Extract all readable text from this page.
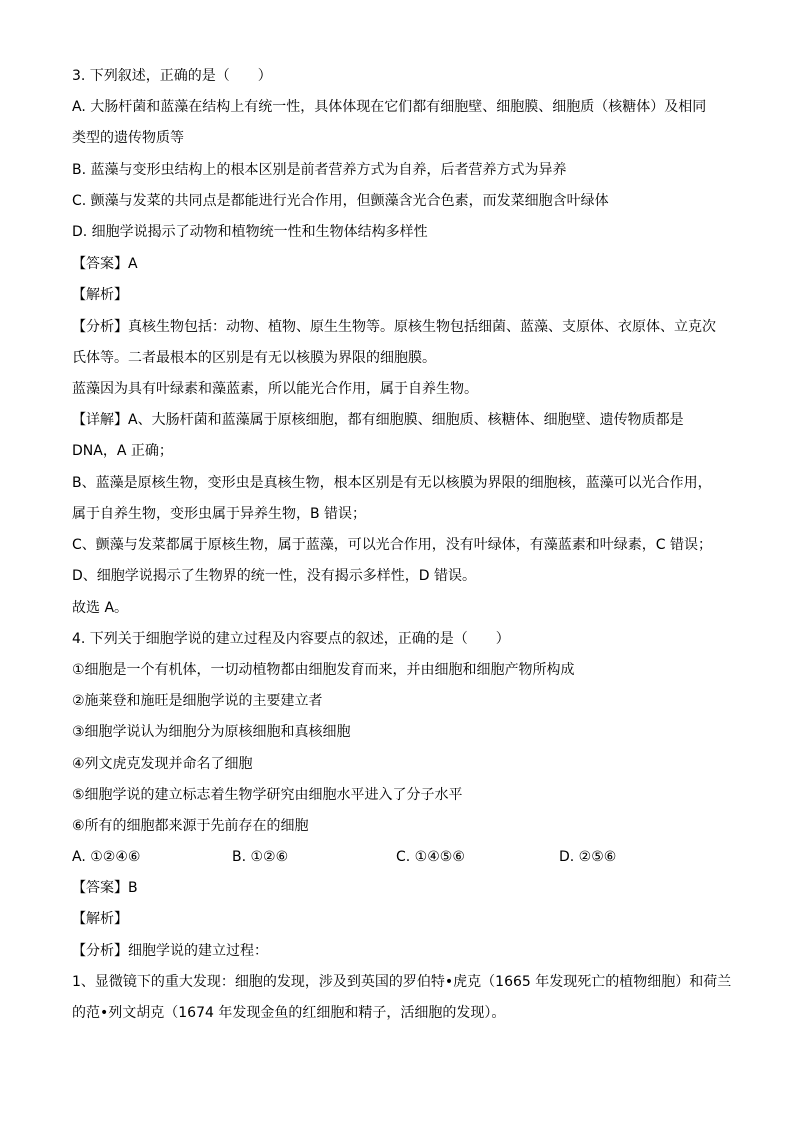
3. 下列叙述，正确的是（　　）
A. 大肠杆菌和蓝藻在结构上有统一性，具体体现在它们都有细胞壁、细胞膜、细胞质（核糖体）及相同
类型的遗传物质等
B. 蓝藻与变形虫结构上的根本区别是前者营养方式为自养，后者营养方式为异养
C. 颤藻与发菜的共同点是都能进行光合作用，但颤藻含光合色素，而发菜细胞含叶绿体
D. 细胞学说揭示了动物和植物统一性和生物体结构多样性
【答案】A
【解析】
【分析】真核生物包括：动物、植物、原生生物等。原核生物包括细菌、蓝藻、支原体、衣原体、立克次
氏体等。二者最根本的区别是有无以核膜为界限的细胞膜。
蓝藻因为具有叶绿素和藻蓝素，所以能光合作用，属于自养生物。
【详解】A、大肠杆菌和蓝藻属于原核细胞，都有细胞膜、细胞质、核糖体、细胞壁、遗传物质都是
DNA，A 正确；
B、蓝藻是原核生物，变形虫是真核生物，根本区别是有无以核膜为界限的细胞核，蓝藻可以光合作用，
属于自养生物，变形虫属于异养生物，B 错误；
C、颤藻与发菜都属于原核生物，属于蓝藻，可以光合作用，没有叶绿体，有藻蓝素和叶绿素，C 错误；
D、细胞学说揭示了生物界的统一性，没有揭示多样性，D 错误。
故选 A。
4. 下列关于细胞学说的建立过程及内容要点的叙述，正确的是（　　）
①细胞是一个有机体，一切动植物都由细胞发育而来，并由细胞和细胞产物所构成
②施莱登和施旺是细胞学说的主要建立者
③细胞学说认为细胞分为原核细胞和真核细胞
④列文虎克发现并命名了细胞
⑤细胞学说的建立标志着生物学研究由细胞水平进入了分子水平
⑥所有的细胞都来源于先前存在的细胞
A. ①②④⑥	B. ①②⑥	C. ①④⑤⑥	D. ②⑤⑥
【答案】B
【解析】
【分析】细胞学说的建立过程：
1、显微镜下的重大发现：细胞的发现，涉及到英国的罗伯特•虎克（1665 年发现死亡的植物细胞）和荷兰
的范•列文胡克（1674 年发现金鱼的红细胞和精子，活细胞的发现）。
